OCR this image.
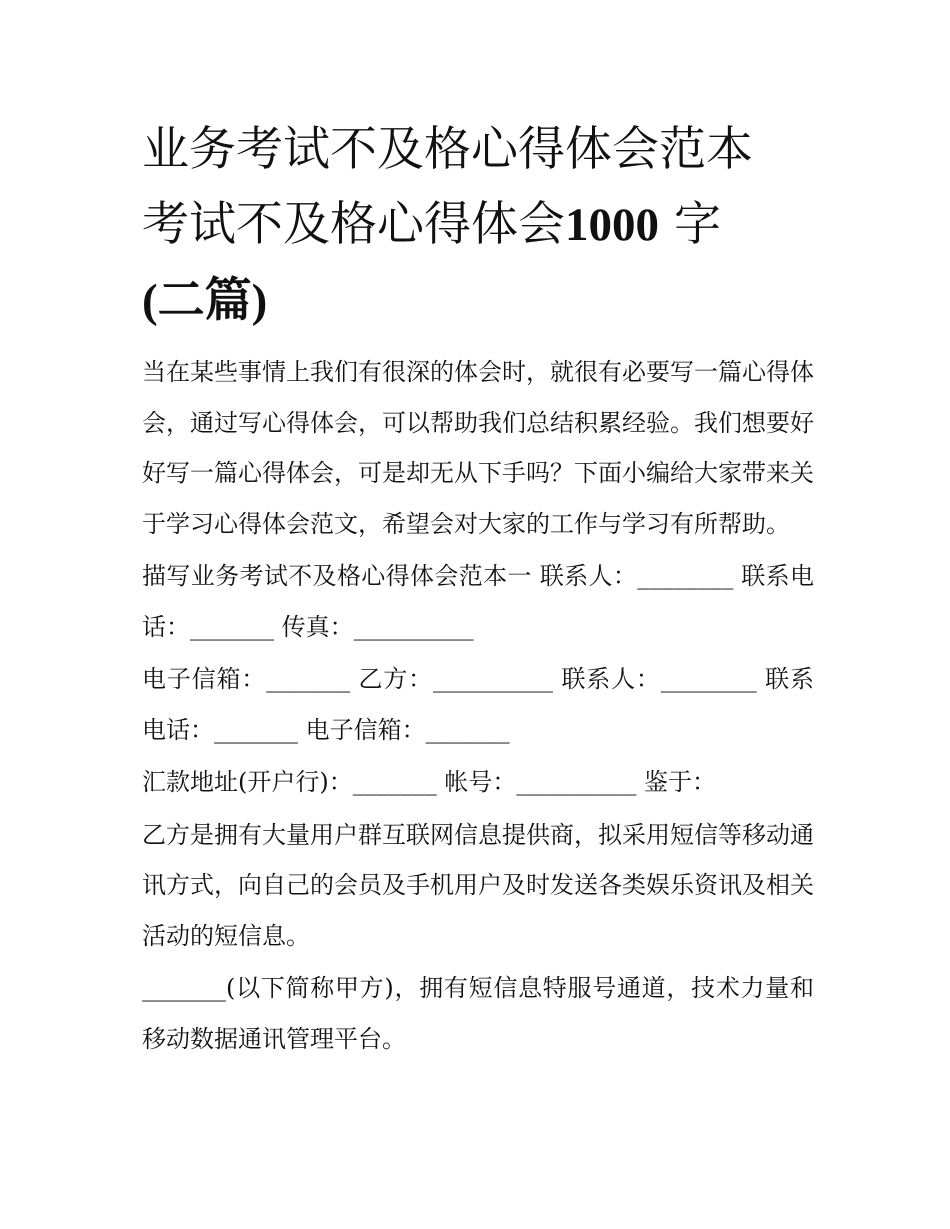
业务考试不及格心得体会范本
考试不及格心得体会1000 字
(二篇)

当在某些事情上我们有很深的体会时，就很有必要写一篇心得体会，通过写心得体会，可以帮助我们总结积累经验。我们想要好好写一篇心得体会，可是却无从下手吗？下面小编给大家带来关于学习心得体会范文，希望会对大家的工作与学习有所帮助。

描写业务考试不及格心得体会范本一 联系人：________ 联系电话：_______ 传真：__________

电子信箱：_______ 乙方：__________ 联系人：________ 联系电话：_______ 电子信箱：_______

汇款地址(开户行)：_______ 帐号：__________ 鉴于：

乙方是拥有大量用户群互联网信息提供商，拟采用短信等移动通讯方式，向自己的会员及手机用户及时发送各类娱乐资讯及相关活动的短信息。

_______(以下简称甲方)，拥有短信息特服号通道，技术力量和移动数据通讯管理平台。
